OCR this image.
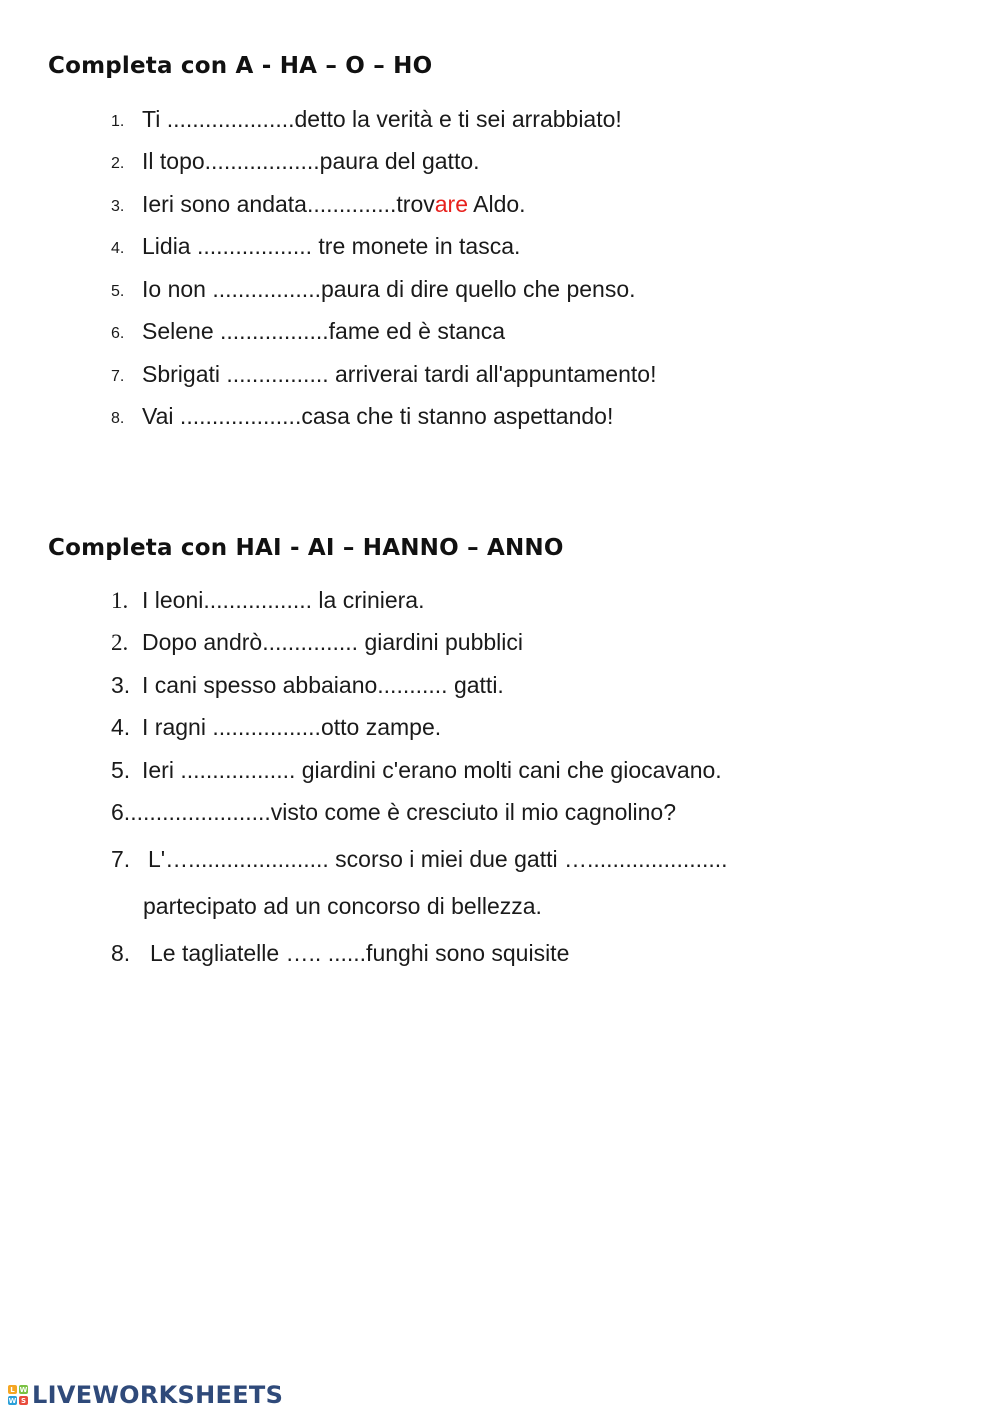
Completa con A - HA – O – HO
1. Ti ....................detto la verità e ti sei arrabbiato!
2. Il topo..................paura del gatto.
3. Ieri sono andata..............trovare Aldo.
4. Lidia .................. tre monete in tasca.
5. Io non .................paura di dire quello che penso.
6. Selene .................fame ed è stanca
7. Sbrigati ................ arriverai tardi all'appuntamento!
8. Vai ...................casa che ti stanno aspettando!
Completa con HAI - AI – HANNO – ANNO
1. I leoni................. la criniera.
2. Dopo andrò............... giardini pubblici
3. I cani spesso abbaiano........... gatti.
4. I ragni .................otto zampe.
5. Ieri .................. giardini c'erano molti cani che giocavano.
6.......................visto come è cresciuto il mio cagnolino?
7. L'…...................... scorso i miei due gatti …......................
partecipato ad un concorso di bellezza.
8. Le tagliatelle ….. ......funghi sono squisite
L W
W S LIVEWORKSHEETS
